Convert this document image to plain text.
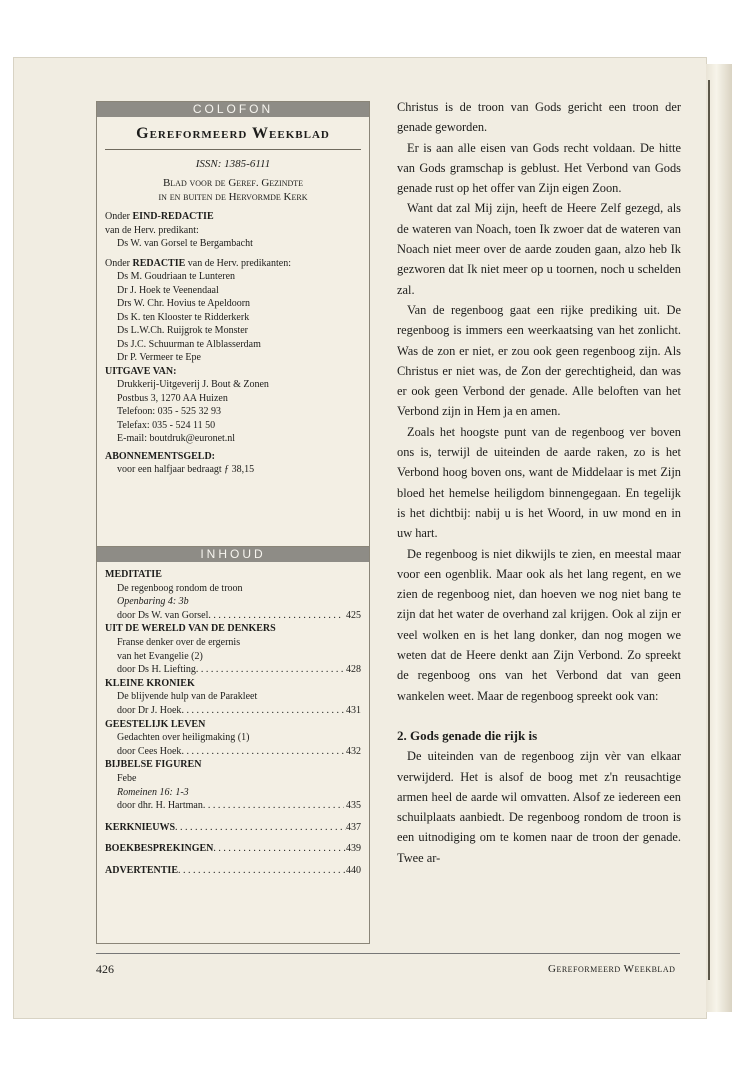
COLOFON
Gereformeerd Weekblad
ISSN: 1385-6111
Blad voor de Geref. Gezindte
in en buiten de Hervormde Kerk
Onder EIND-REDACTIE
van de Herv. predikant:
Ds W. van Gorsel te Bergambacht
Onder REDACTIE van de Herv. predikanten:
Ds M. Goudriaan te Lunteren
Dr J. Hoek te Veenendaal
Drs W. Chr. Hovius te Apeldoorn
Ds K. ten Klooster te Ridderkerk
Ds L.W.Ch. Ruijgrok te Monster
Ds J.C. Schuurman te Alblasserdam
Dr P. Vermeer te Epe
UITGAVE VAN:
Drukkerij-Uitgeverij J. Bout & Zonen
Postbus 3, 1270 AA Huizen
Telefoon: 035 - 525 32 93
Telefax: 035 - 524 11 50
E-mail: boutdruk@euronet.nl
ABONNEMENTSGELD:
voor een halfjaar bedraagt ƒ 38,15
INHOUD
MEDITATIE
De regenboog rondom de troon
Openbaring 4: 3b
door Ds W. van Gorsel . . .	425
UIT DE WERELD VAN DE DENKERS
Franse denker over de ergernis
van het Evangelie (2)
door Ds H. Liefting . . .	428
KLEINE KRONIEK
De blijvende hulp van de Parakleet
door Dr J. Hoek . . .	431
GEESTELIJK LEVEN
Gedachten over heiligmaking (1)
door Cees Hoek . . .	432
BIJBELSE FIGUREN
Febe
Romeinen 16: 1-3
door dhr. H. Hartman . . .	435
KERKNIEUWS . . .	437
BOEKBESPREKINGEN . . .	439
ADVERTENTIE . . .	440

Christus is de troon van Gods gericht een troon der genade geworden.

Er is aan alle eisen van Gods recht voldaan. De hitte van Gods gramschap is geblust. Het Verbond van Gods genade rust op het offer van Zijn eigen Zoon.

Want dat zal Mij zijn, heeft de Heere Zelf gezegd, als de wateren van Noach, toen Ik zwoer dat de wateren van Noach niet meer over de aarde zouden gaan, alzo heb Ik gezworen dat Ik niet meer op u toornen, noch u schelden zal.

Van de regenboog gaat een rijke prediking uit. De regenboog is immers een weerkaatsing van het zonlicht. Was de zon er niet, er zou ook geen regenboog zijn. Als Christus er niet was, de Zon der gerechtigheid, dan was er ook geen Verbond der genade. Alle beloften van het Verbond zijn in Hem ja en amen.

Zoals het hoogste punt van de regenboog ver boven ons is, terwijl de uiteinden de aarde raken, zo is het Verbond hoog boven ons, want de Middelaar is met Zijn bloed het hemelse heiligdom binnengegaan. En tegelijk is het dichtbij: nabij u is het Woord, in uw mond en in uw hart.

De regenboog is niet dikwijls te zien, en meestal maar voor een ogenblik. Maar ook als het lang regent, en we zien de regenboog niet, dan hoeven we nog niet bang te zijn dat het water de overhand zal krijgen. Ook al zijn er veel wolken en is het lang donker, dan nog mogen we weten dat de Heere denkt aan Zijn Verbond. Zo spreekt de regenboog ons van het Verbond dat van geen wankelen weet. Maar de regenboog spreekt ook van:

2. Gods genade die rijk is

De uiteinden van de regenboog zijn vèr van elkaar verwijderd. Het is alsof de boog met z'n reusachtige armen heel de aarde wil omvatten. Alsof ze iedereen een schuilplaats aanbiedt. De regenboog rondom de troon is een uitnodiging om te komen naar de troon der genade. Twee ar-

426	Gereformeerd Weekblad
